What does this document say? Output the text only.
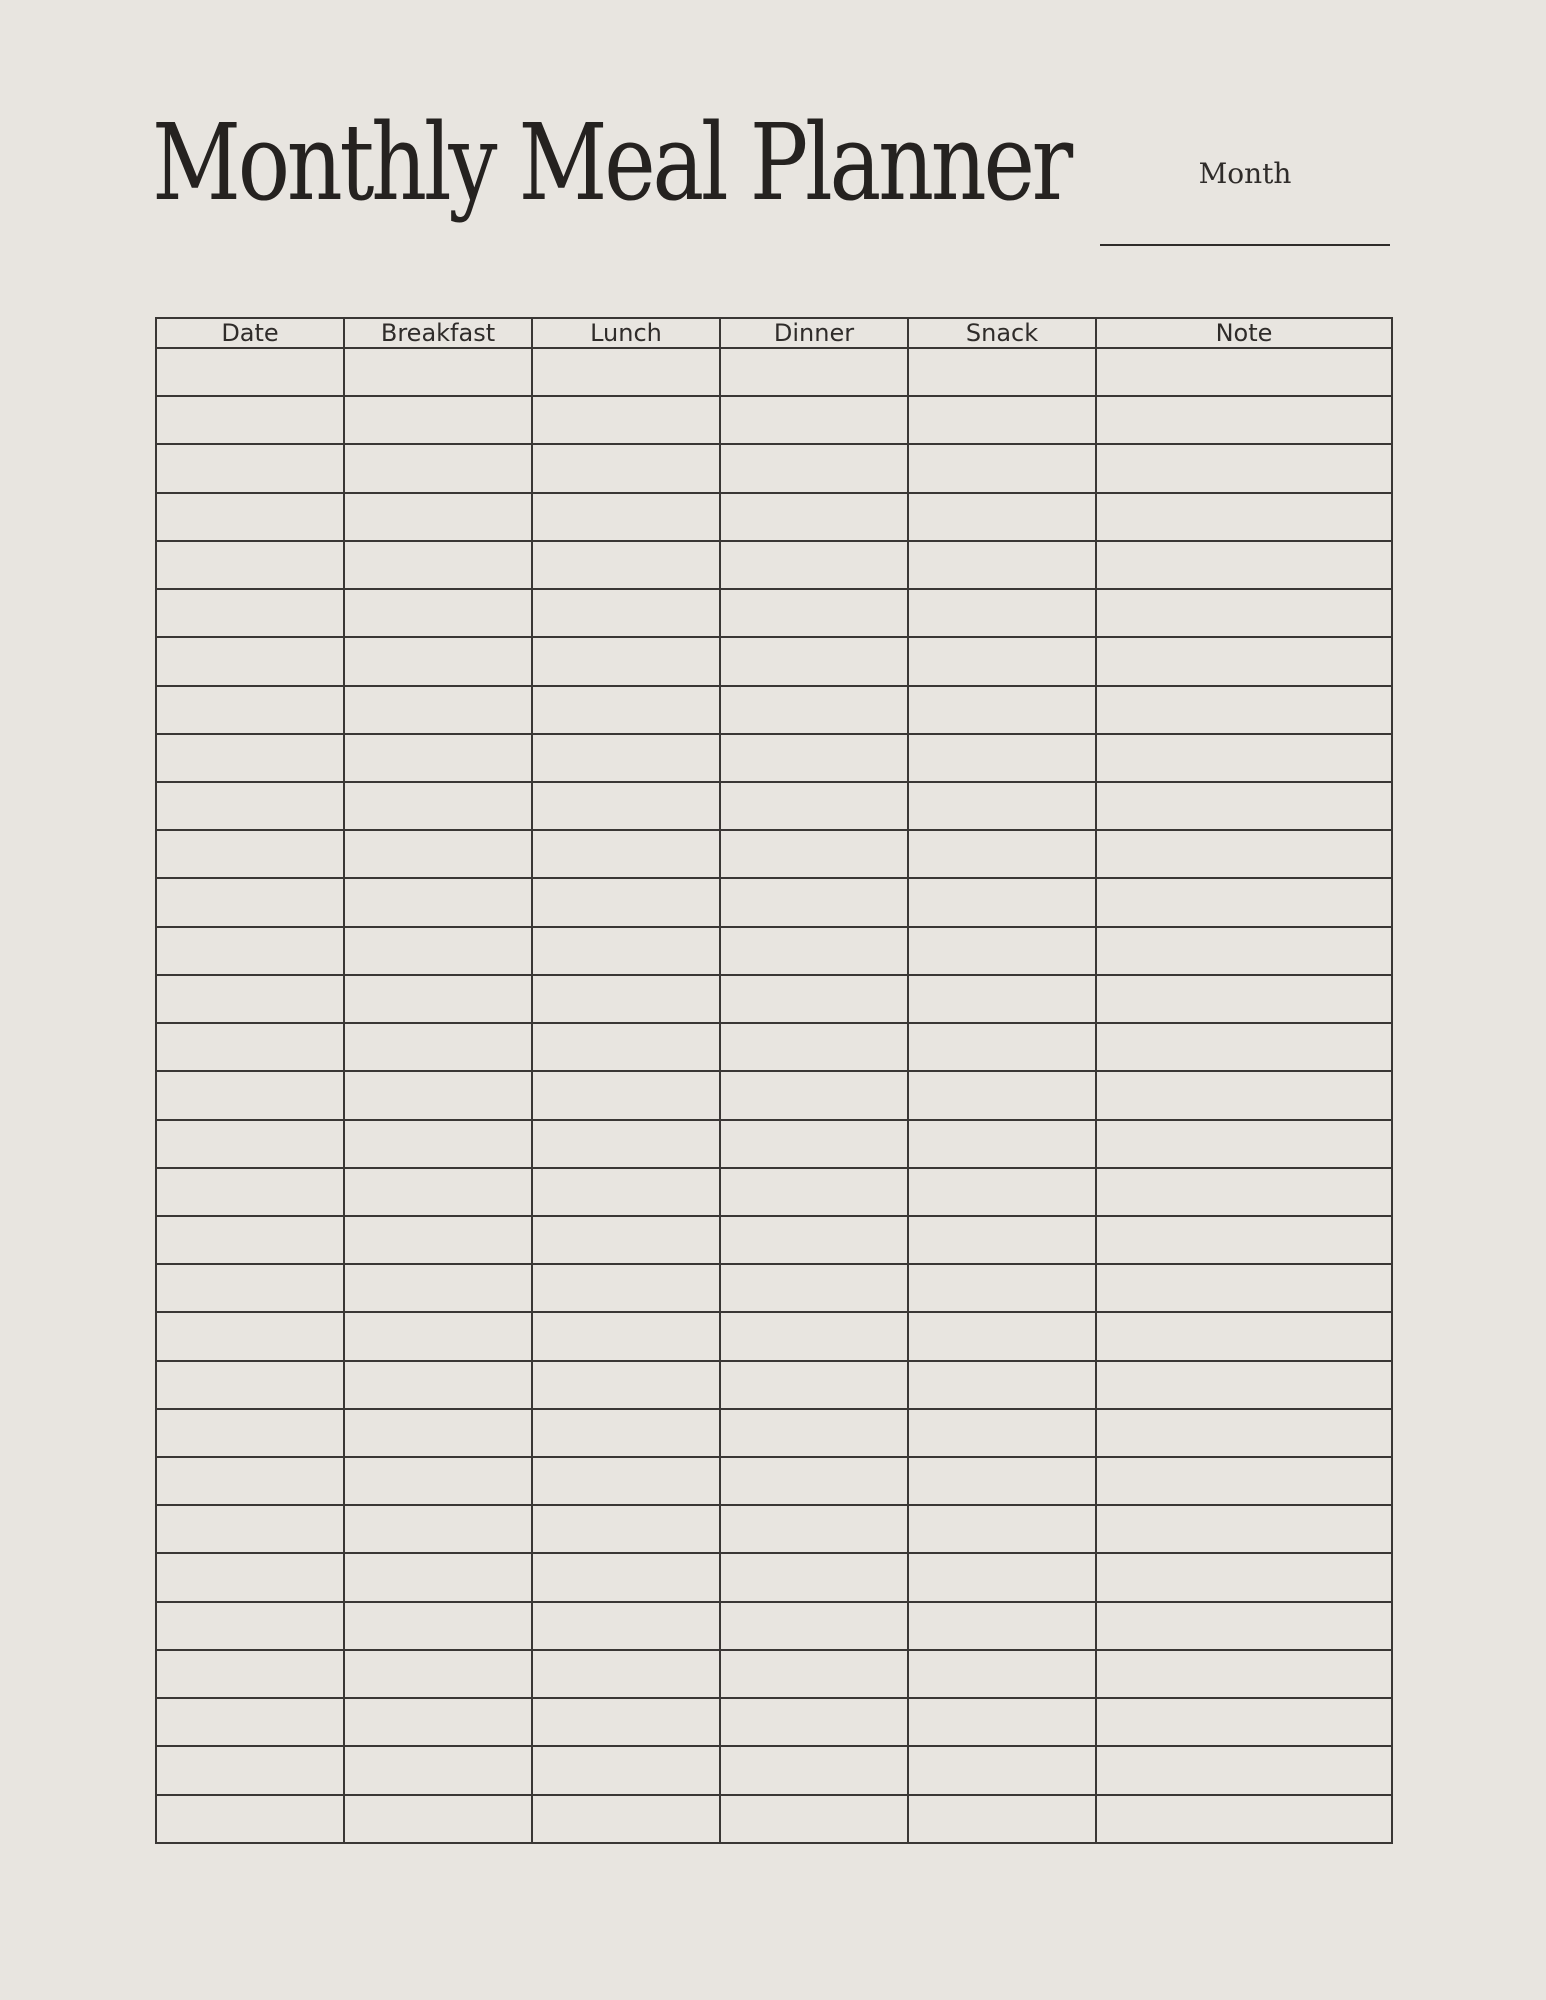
Monthly Meal Planner	Month
Date	Breakfast	Lunch	Dinner	Snack	Note
